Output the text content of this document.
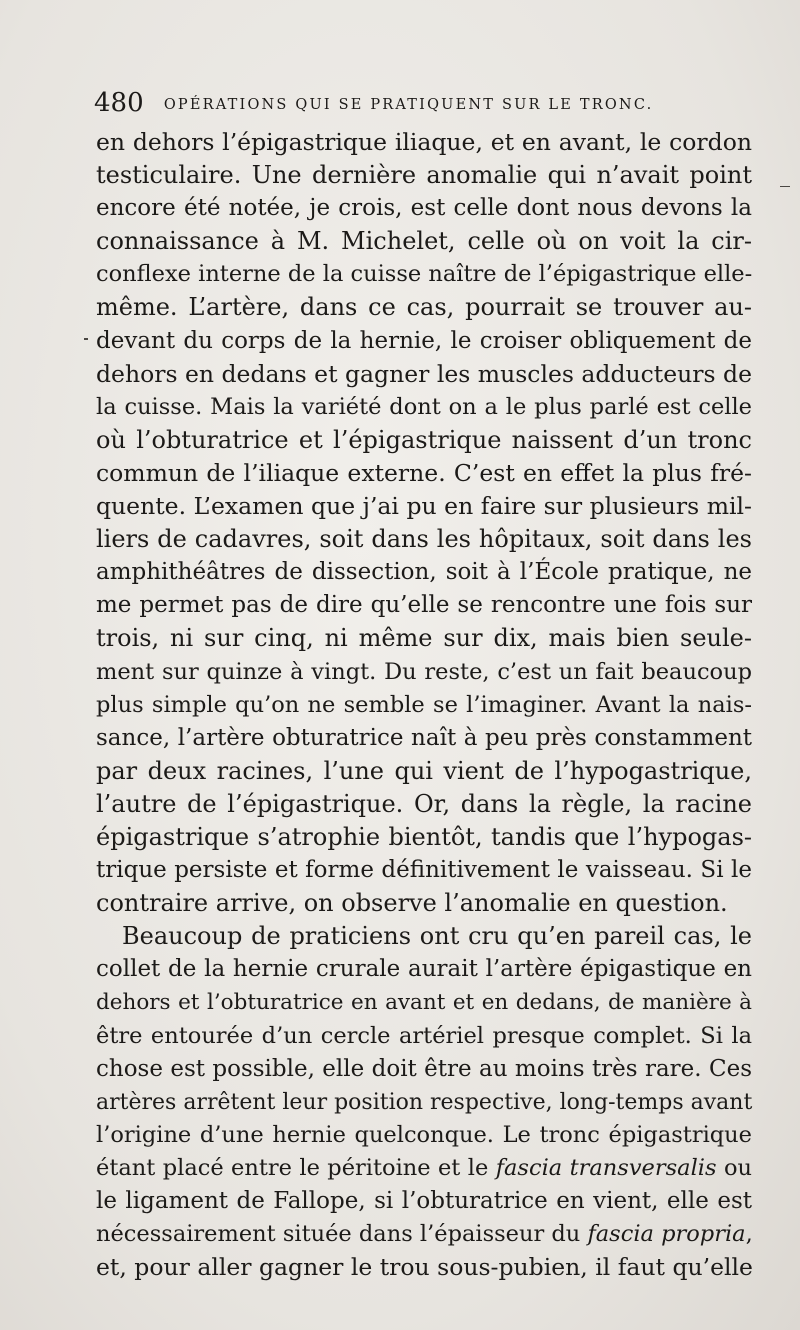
480 OPÉRATIONS QUI SE PRATIQUENT SUR LE TRONC.
en dehors l’épigastrique iliaque, et en avant, le cordon
testiculaire. Une dernière anomalie qui n’avait point
encore été notée, je crois, est celle dont nous devons la
connaissance à M. Michelet, celle où on voit la cir-
conflexe interne de la cuisse naître de l’épigastrique elle-
même. L’artère, dans ce cas, pourrait se trouver au-
devant du corps de la hernie, le croiser obliquement de
dehors en dedans et gagner les muscles adducteurs de
la cuisse. Mais la variété dont on a le plus parlé est celle
où l’obturatrice et l’épigastrique naissent d’un tronc
commun de l’iliaque externe. C’est en effet la plus fré-
quente. L’examen que j’ai pu en faire sur plusieurs mil-
liers de cadavres, soit dans les hôpitaux, soit dans les
amphithéâtres de dissection, soit à l’École pratique, ne
me permet pas de dire qu’elle se rencontre une fois sur
trois, ni sur cinq, ni même sur dix, mais bien seule-
ment sur quinze à vingt. Du reste, c’est un fait beaucoup
plus simple qu’on ne semble se l’imaginer. Avant la nais-
sance, l’artère obturatrice naît à peu près constamment
par deux racines, l’une qui vient de l’hypogastrique,
l’autre de l’épigastrique. Or, dans la règle, la racine
épigastrique s’atrophie bientôt, tandis que l’hypogas-
trique persiste et forme définitivement le vaisseau. Si le
contraire arrive, on observe l’anomalie en question.
Beaucoup de praticiens ont cru qu’en pareil cas, le
collet de la hernie crurale aurait l’artère épigastique en
dehors et l’obturatrice en avant et en dedans, de manière à
être entourée d’un cercle artériel presque complet. Si la
chose est possible, elle doit être au moins très rare. Ces
artères arrêtent leur position respective, long-temps avant
l’origine d’une hernie quelconque. Le tronc épigastrique
étant placé entre le péritoine et le fascia transversalis ou
le ligament de Fallope, si l’obturatrice en vient, elle est
nécessairement située dans l’épaisseur du fascia propria,
et, pour aller gagner le trou sous-pubien, il faut qu’elle
